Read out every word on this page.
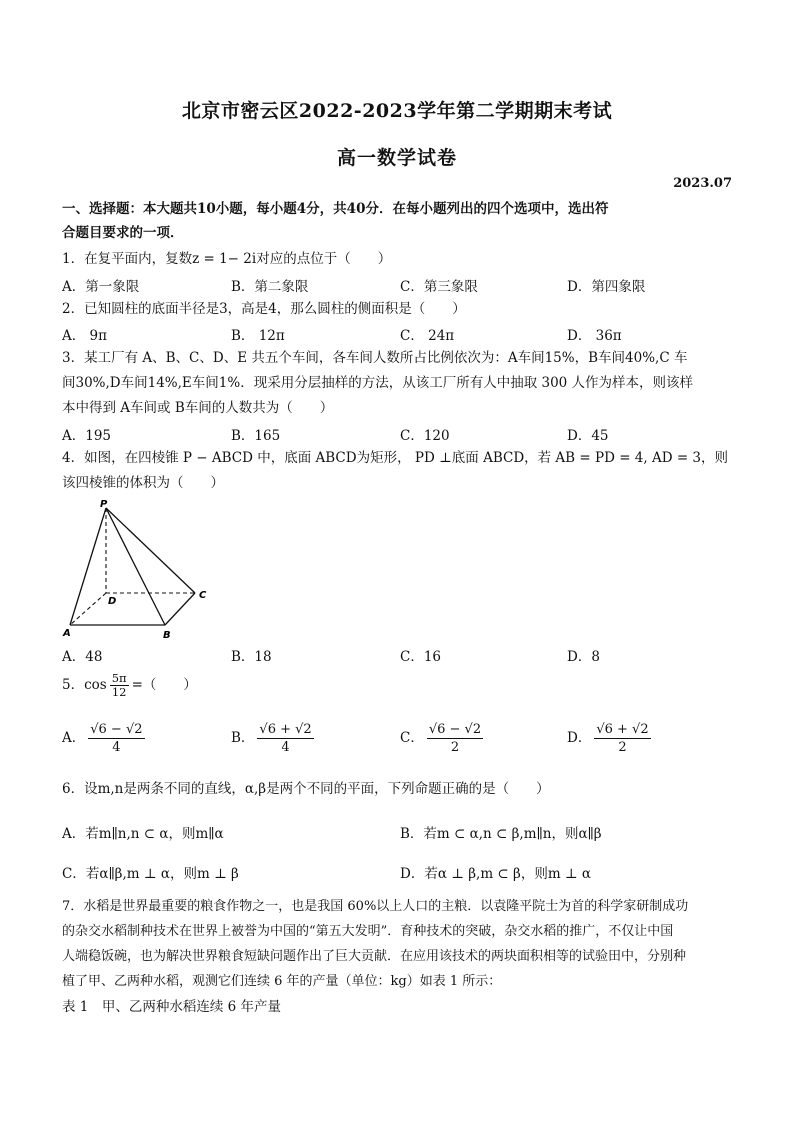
北京市密云区2022-2023学年第二学期期末考试
高一数学试卷
2023.07
一、选择题：本大题共10小题，每小题4分，共40分．在每小题列出的四个选项中，选出符
合题目要求的一项．
1．在复平面内，复数z = 1− 2i对应的点位于（　　）
A．第一象限	B．第二象限	C．第三象限	D．第四象限
2．已知圆柱的底面半径是3，高是4，那么圆柱的侧面积是（　　）
A． 9π	B． 12π	C． 24π	D． 36π
3．某工厂有 A、B、C、D、E 共五个车间，各车间人数所占比例依次为：A车间15%，B车间40%,C 车
间30%,D车间14%,E车间1%．现采用分层抽样的方法，从该工厂所有人中抽取 300 人作为样本，则该样
本中得到 A车间或 B车间的人数共为（　　）
A．195	B．165	C．120	D．45
4．如图，在四棱锥 P − ABCD 中，底面 ABCD为矩形， PD ⊥底面 ABCD，若 AB = PD = 4, AD = 3，则
该四棱锥的体积为（　　）
P
D
C
A	B
A．48	B．18	C．16	D．8
5．$\cos \frac{5\pi}{12}$ =（　　）
A． $\frac{√6 - √2}{4}$	B． $\frac{√6 + √2}{4}$	C． $\frac{√6 - √2}{2}$	D． $\frac{√6 + √2}{2}$
6．设m,n是两条不同的直线，α,β是两个不同的平面，下列命题正确的是（　　）
A．若m∥n,n ⊂ α，则m∥α	B．若m ⊂ α,n ⊂ β,m∥n，则α∥β
C．若α∥β,m ⊥ α，则m ⊥ β	D．若α ⊥ β,m ⊂ β，则m ⊥ α
7．水稻是世界最重要的粮食作物之一，也是我国 60%以上人口的主粮．以袁隆平院士为首的科学家研制成功
的杂交水稻制种技术在世界上被誉为中国的“第五大发明”．育种技术的突破，杂交水稻的推广，不仅让中国
人端稳饭碗，也为解决世界粮食短缺问题作出了巨大贡献．在应用该技术的两块面积相等的试验田中，分别种
植了甲、乙两种水稻，观测它们连续 6 年的产量（单位：kg）如表 1 所示：
表 1　甲、乙两种水稻连续 6 年产量
